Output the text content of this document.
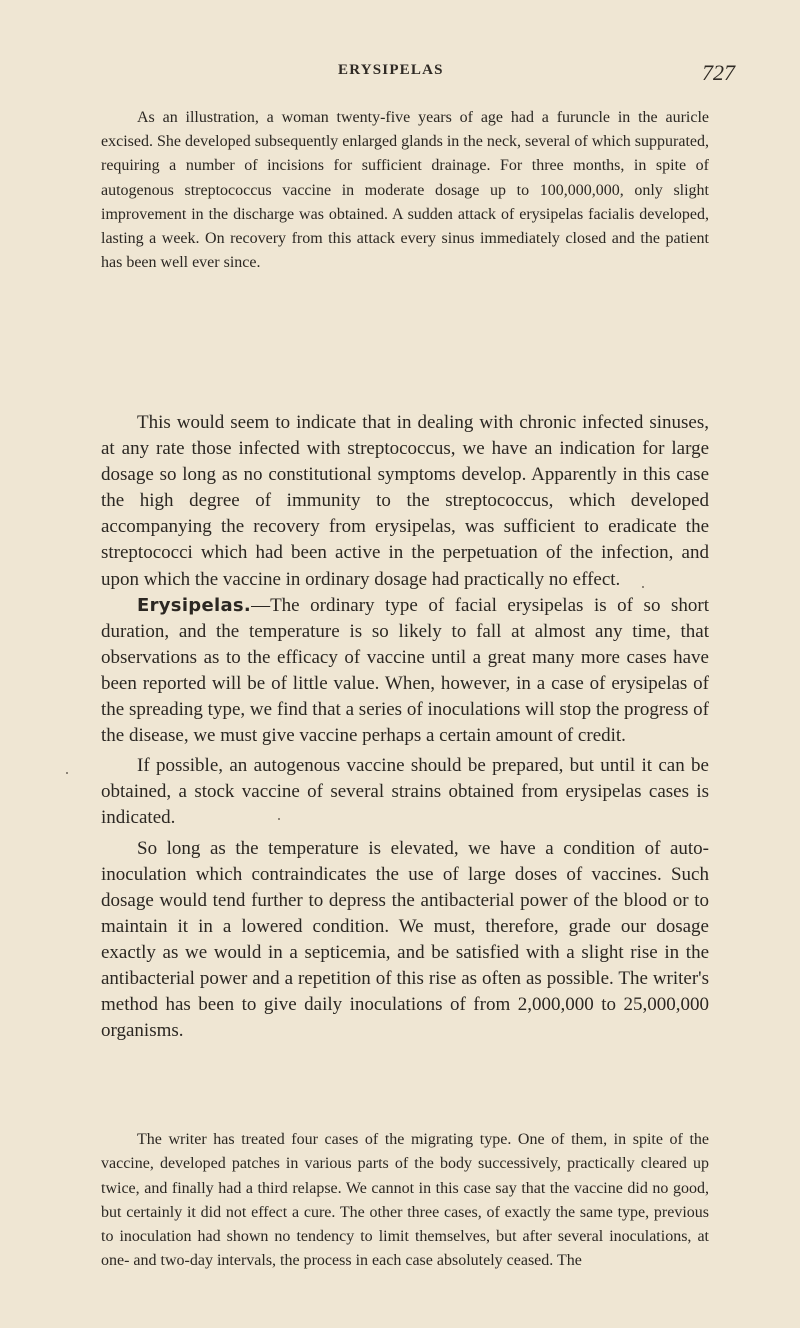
ERYSIPELAS	727

As an illustration, a woman twenty-five years of age had a furuncle in the auricle excised. She developed subsequently enlarged glands in the neck, several of which suppurated, requiring a number of incisions for sufficient drainage. For three months, in spite of autogenous streptococcus vaccine in moderate dosage up to 100,000,000, only slight improvement in the discharge was obtained. A sudden attack of erysipelas facialis developed, lasting a week. On recovery from this attack every sinus immediately closed and the patient has been well ever since.

This would seem to indicate that in dealing with chronic infected sinuses, at any rate those infected with streptococcus, we have an indication for large dosage so long as no constitutional symptoms develop. Apparently in this case the high degree of immunity to the streptococcus, which developed accompanying the recovery from erysipelas, was sufficient to eradicate the streptococci which had been active in the perpetuation of the infection, and upon which the vaccine in ordinary dosage had practically no effect.

Erysipelas.—The ordinary type of facial erysipelas is of so short duration, and the temperature is so likely to fall at almost any time, that observations as to the efficacy of vaccine until a great many more cases have been reported will be of little value. When, however, in a case of erysipelas of the spreading type, we find that a series of inoculations will stop the progress of the disease, we must give vaccine perhaps a certain amount of credit.

If possible, an autogenous vaccine should be prepared, but until it can be obtained, a stock vaccine of several strains obtained from erysipelas cases is indicated.

So long as the temperature is elevated, we have a condition of auto-inoculation which contraindicates the use of large doses of vaccines. Such dosage would tend further to depress the antibacterial power of the blood or to maintain it in a lowered condition. We must, therefore, grade our dosage exactly as we would in a septicemia, and be satisfied with a slight rise in the antibacterial power and a repetition of this rise as often as possible. The writer's method has been to give daily inoculations of from 2,000,000 to 25,000,000 organisms.

The writer has treated four cases of the migrating type. One of them, in spite of the vaccine, developed patches in various parts of the body successively, practically cleared up twice, and finally had a third relapse. We cannot in this case say that the vaccine did no good, but certainly it did not effect a cure. The other three cases, of exactly the same type, previous to inoculation had shown no tendency to limit themselves, but after several inoculations, at one- and two-day intervals, the process in each case absolutely ceased. The
